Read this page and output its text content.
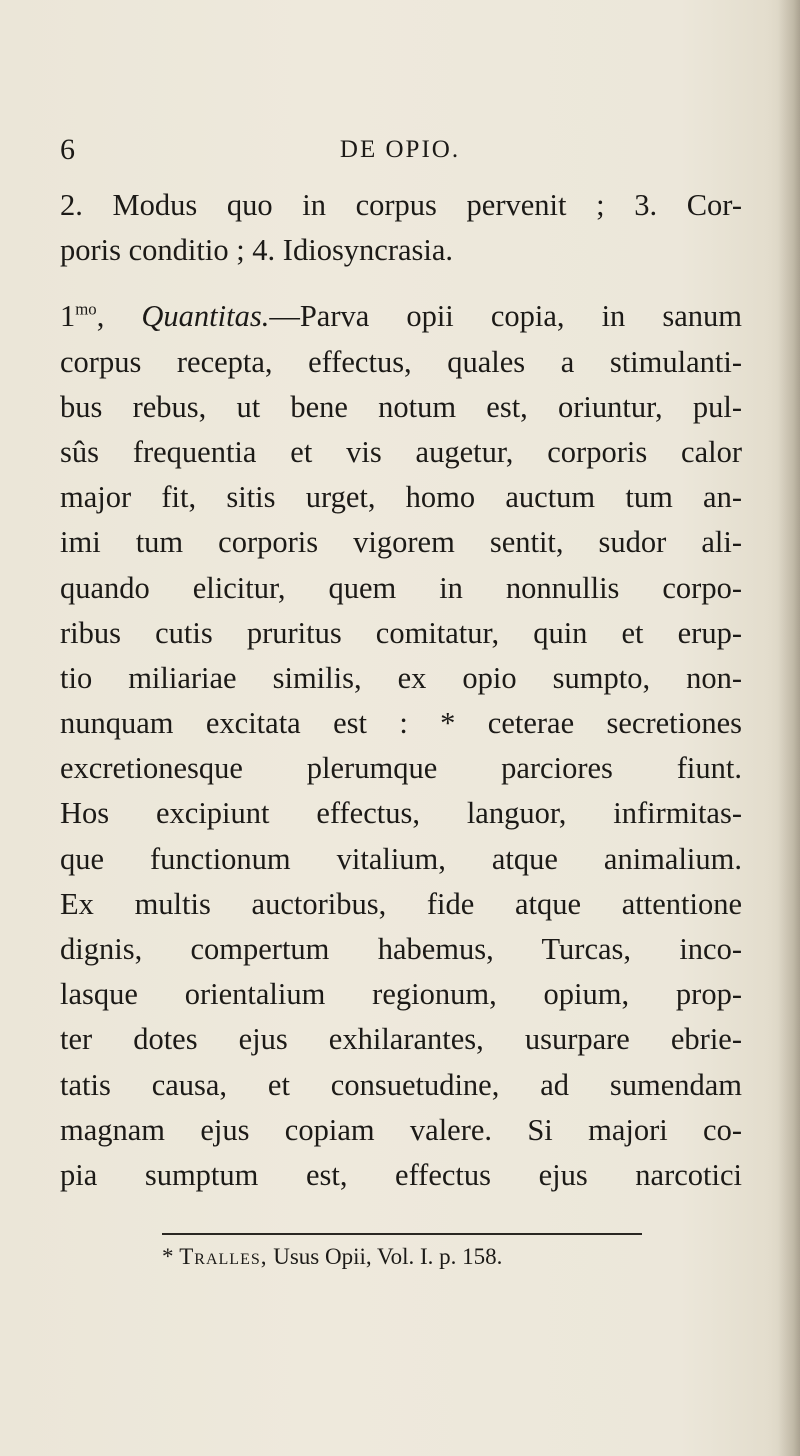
6	DE OPIO.
2. Modus quo in corpus pervenit ; 3. Cor-
poris conditio ; 4. Idiosyncrasia.
$1^{mo}$, Quantitas.—Parva opii copia, in sanum
corpus recepta, effectus, quales a stimulanti-
bus rebus, ut bene notum est, oriuntur, pul-
sûs frequentia et vis augetur, corporis calor
major fit, sitis urget, homo auctum tum an-
imi tum corporis vigorem sentit, sudor ali-
quando elicitur, quem in nonnullis corpo-
ribus cutis pruritus comitatur, quin et erup-
tio miliariae similis, ex opio sumpto, non-
nunquam excitata est : * ceterae secretiones
excretionesque plerumque parciores fiunt.
Hos excipiunt effectus, languor, infirmitas-
que functionum vitalium, atque animalium.
Ex multis auctoribus, fide atque attentione
dignis, compertum habemus, Turcas, inco-
lasque orientalium regionum, opium, prop-
ter dotes ejus exhilarantes, usurpare ebrie-
tatis causa, et consuetudine, ad sumendam
magnam ejus copiam valere. Si majori co-
pia sumptum est, effectus ejus narcotici
* Tralles, Usus Opii, Vol. I. p. 158.
